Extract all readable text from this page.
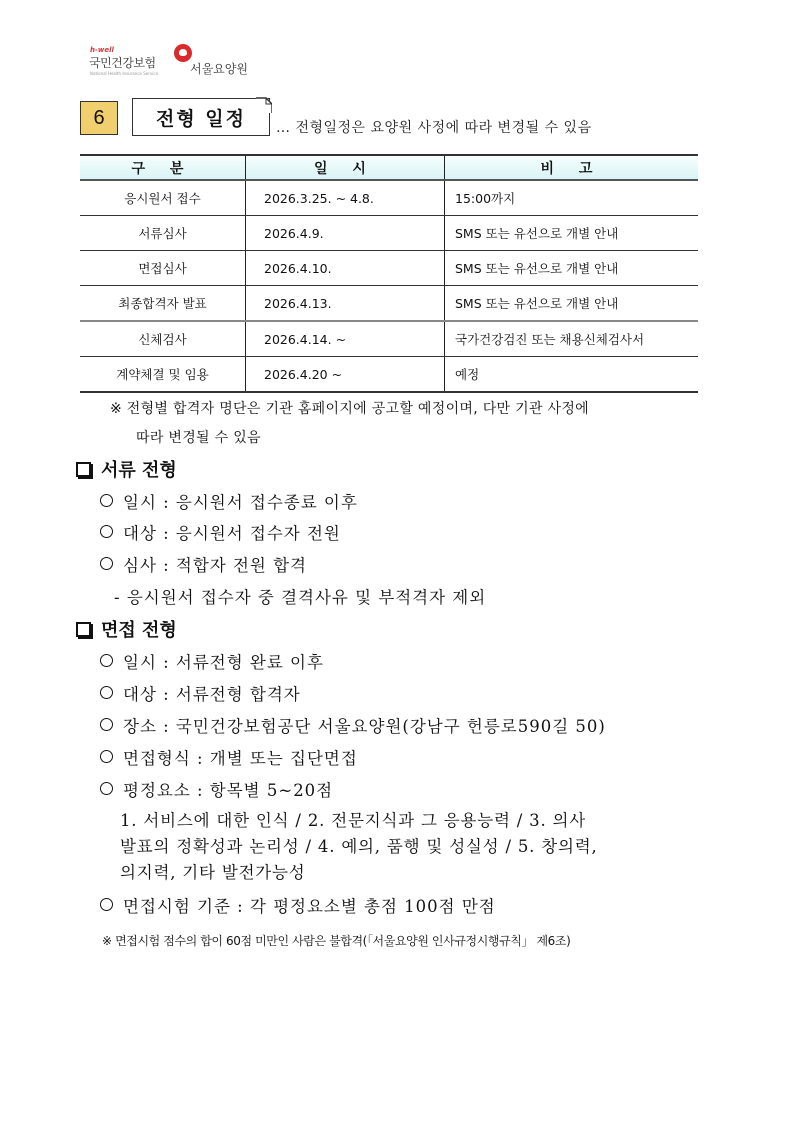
h-well
국민건강보험
National Health Insurance Service	서울요양원
6	전형 일정	… 전형일정은 요양원 사정에 따라 변경될 수 있음
구 분	일 시	비 고
응시원서 접수	2026.3.25. ~ 4.8.	15:00까지
서류심사	2026.4.9.	SMS 또는 유선으로 개별 안내
면접심사	2026.4.10.	SMS 또는 유선으로 개별 안내
최종합격자 발표	2026.4.13.	SMS 또는 유선으로 개별 안내
신체검사	2026.4.14. ~	국가건강검진 또는 채용신체검사서
계약체결 및 임용	2026.4.20 ~	예정
※ 전형별 합격자 명단은 기관 홈페이지에 공고할 예정이며, 다만 기관 사정에
따라 변경될 수 있음
서류 전형
일시 : 응시원서 접수종료 이후
대상 : 응시원서 접수자 전원
심사 : 적합자 전원 합격
- 응시원서 접수자 중 결격사유 및 부적격자 제외
면접 전형
일시 : 서류전형 완료 이후
대상 : 서류전형 합격자
장소 : 국민건강보험공단 서울요양원(강남구 헌릉로590길 50)
면접형식 : 개별 또는 집단면접
평정요소 : 항목별 5~20점
1. 서비스에 대한 인식 / 2. 전문지식과 그 응용능력 / 3. 의사
발표의 정확성과 논리성 / 4. 예의, 품행 및 성실성 / 5. 창의력,
의지력, 기타 발전가능성
면접시험 기준 : 각 평정요소별 총점 100점 만점
※ 면접시험 점수의 합이 60점 미만인 사람은 불합격(「서울요양원 인사규정시행규칙」 제6조)
